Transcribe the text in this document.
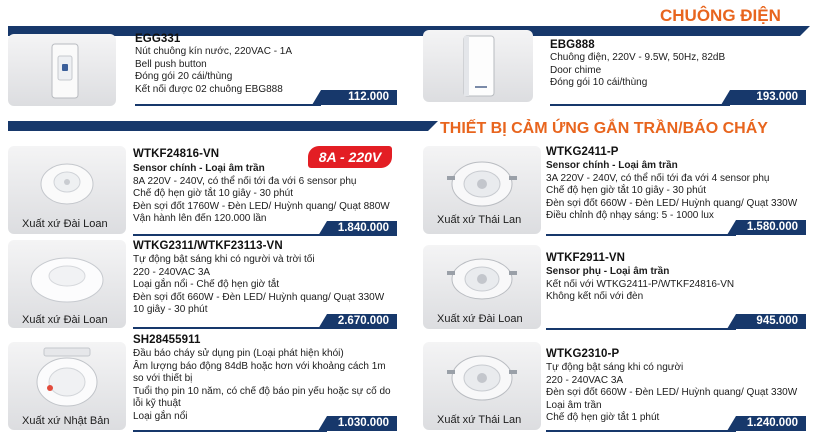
CHUÔNG ĐIỆN
EGG331
Nút chuông kín nước, 220VAC - 1A
Bell push button
Đóng gói 20 cái/thùng
Kết nối được 02 chuông EBG888
112.000
EBG888
Chuông điện, 220V - 9.5W, 50Hz, 82dB
Door chime
Đóng gói 10 cái/thùng
193.000
THIẾT BỊ CẢM ỨNG GẮN TRẦN/BÁO CHÁY
8A - 220V
Xuất xứ Đài Loan
WTKF24816-VN
Sensor chính - Loại âm trần
8A 220V - 240V, có thể nối tới đa với 6 sensor phụ
Chế độ hẹn giờ tắt 10 giây - 30 phút
Đèn sợi đốt 1760W - Đèn LED/ Huỳnh quang/ Quạt 880W
Vận hành lên đến 120.000 lần
1.840.000
Xuất xứ Đài Loan
WTKG2311/WTKF23113-VN
Tự động bật sáng khi có người và trời tối
220 - 240VAC 3A
Loại gắn nổi - Chế độ hẹn giờ tắt
Đèn sợi đốt 660W - Đèn LED/ Huỳnh quang/ Quạt 330W
10 giây - 30 phút
2.670.000
Xuất xứ Nhật Bản
SH28455911
Đầu báo cháy sử dụng pin (Loại phát hiện khói)
Âm lượng báo động 84dB hoặc hơn với khoảng cách 1m
so với thiết bị
Tuổi thọ pin 10 năm, có chế độ báo pin yếu hoặc sự cố do
lỗi kỹ thuật
Loại gắn nổi
1.030.000
Xuất xứ Thái Lan
WTKG2411-P
Sensor chính - Loại âm trần
3A 220V - 240V, có thể nối tới đa với 4 sensor phụ
Chế độ hẹn giờ tắt 10 giây - 30 phút
Đèn sợi đốt 660W - Đèn LED/ Huỳnh quang/ Quạt 330W
Điều chỉnh độ nhạy sáng: 5 - 1000 lux
1.580.000
Xuất xứ Đài Loan
WTKF2911-VN
Sensor phụ - Loại âm trần
Kết nối với WTKG2411-P/WTKF24816-VN
Không kết nối với đèn
945.000
Xuất xứ Thái Lan
WTKG2310-P
Tự động bật sáng khi có người
220 - 240VAC 3A
Đèn sợi đốt 660W - Đèn LED/ Huỳnh quang/ Quạt 330W
Loại âm trần
Chế độ hẹn giờ tắt 1 phút	1.240.000
